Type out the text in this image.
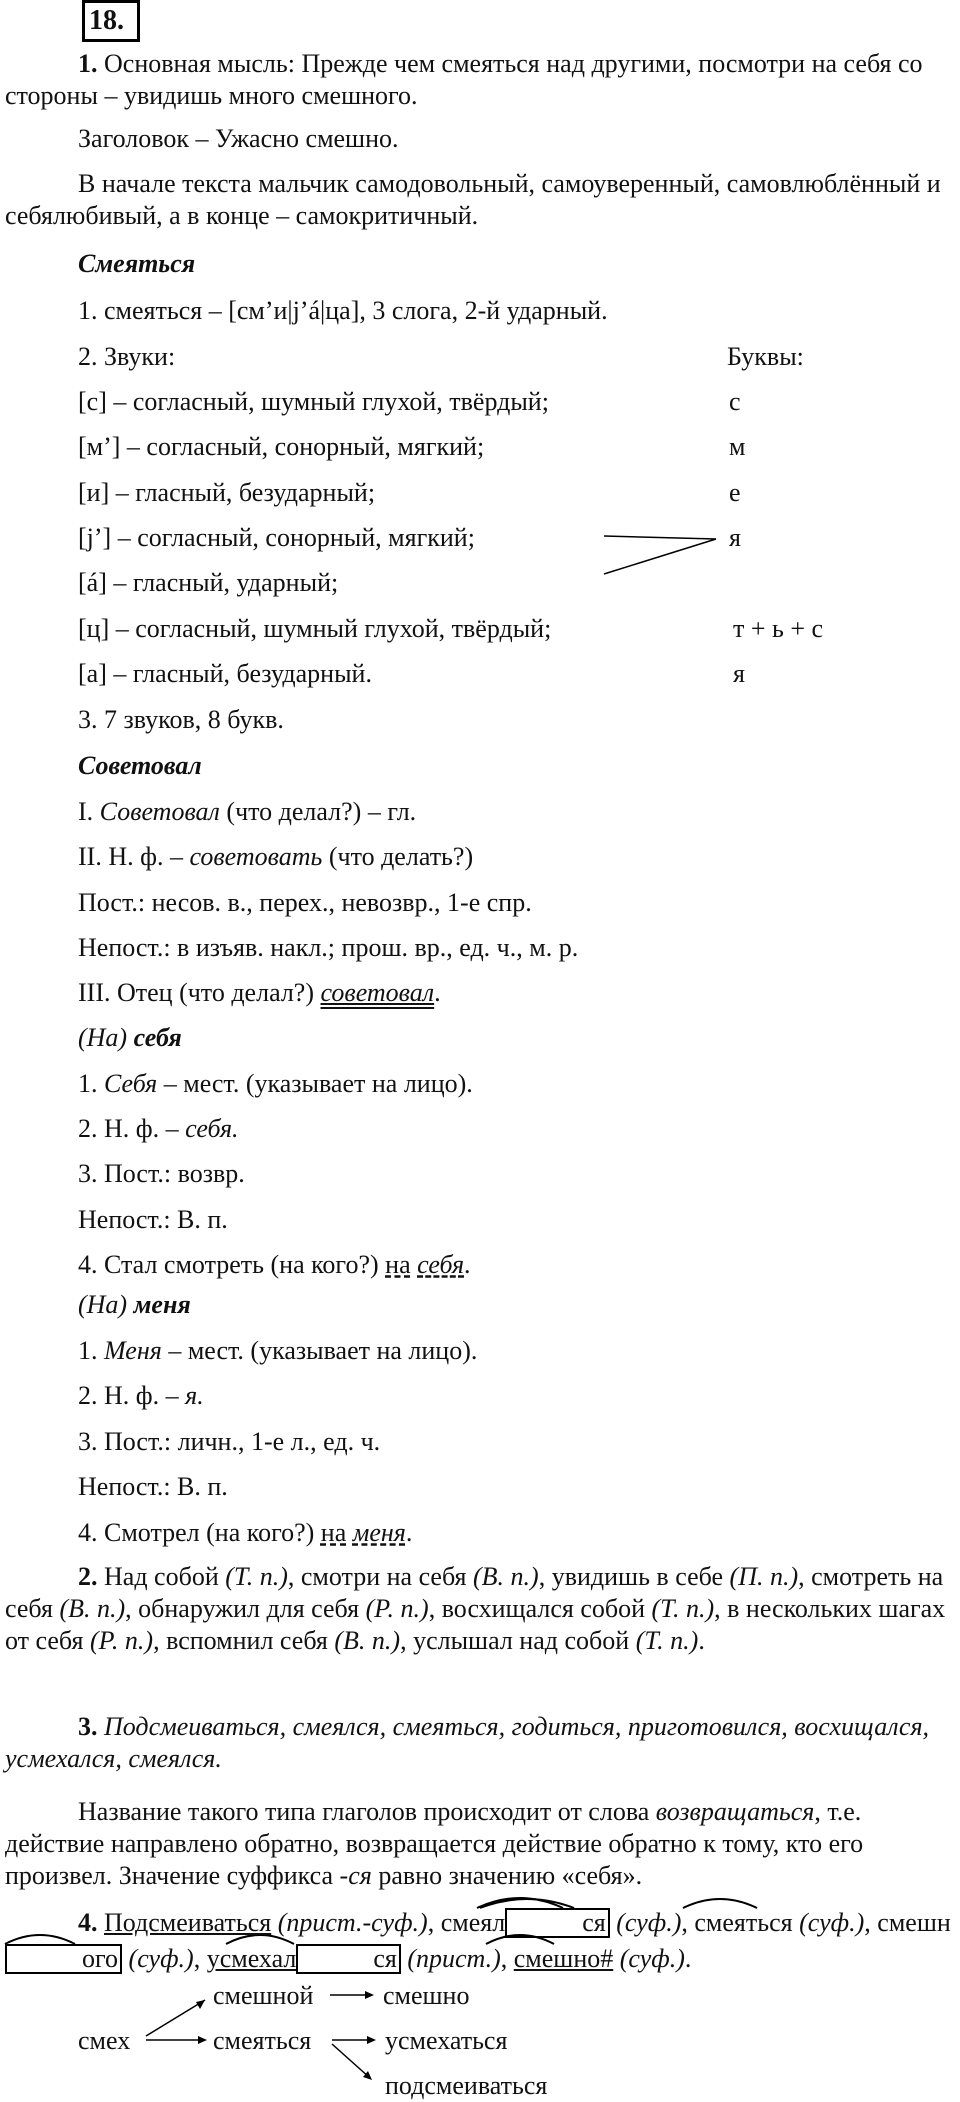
18.
1. Основная мысль: Прежде чем смеяться над другими, посмотри на себя со стороны – увидишь много смешного.
Заголовок – Ужасно смешно.
В начале текста мальчик самодовольный, самоуверенный, самовлюблённый и себялюбивый, а в конце – самокритичный.
Смеяться
1. смеяться – [см’и|j’á|ца], 3 слога, 2-й ударный.
2. Звуки:	Буквы:
[с] – согласный, шумный глухой, твёрдый;	с
[м’] – согласный, сонорный, мягкий;	м
[и] – гласный, безударный;	е
[j’] – согласный, сонорный, мягкий;	я
[á] – гласный, ударный;
[ц] – согласный, шумный глухой, твёрдый;	т + ь + с
[а] – гласный, безударный.	я
3. 7 звуков, 8 букв.
Советовал
I. Советовал (что делал?) – гл.
II. Н. ф. – советовать (что делать?)
Пост.: несов. в., перех., невозвр., 1-е спр.
Непост.: в изъяв. накл.; прош. вр., ед. ч., м. р.
III. Отец (что делал?) советовал.
(На) себя
1. Себя – мест. (указывает на лицо).
2. Н. ф. – себя.
3. Пост.: возвр.
Непост.: В. п.
4. Стал смотреть (на кого?) на себя.
(На) меня
1. Меня – мест. (указывает на лицо).
2. Н. ф. – я.
3. Пост.: личн., 1-е л., ед. ч.
Непост.: В. п.
4. Смотрел (на кого?) на меня.
2. Над собой (Т. п.), смотри на себя (В. п.), увидишь в себе (П. п.), смотреть на себя (В. п.), обнаружил для себя (Р. п.), восхищался собой (Т. п.), в нескольких шагах от себя (Р. п.), вспомнил себя (В. п.), услышал над собой (Т. п.).
3. Подсмеиваться, смеялся, смеяться, годиться, приготовился, восхищался, усмехался, смеялся.
Название такого типа глаголов происходит от слова возвращаться, т.е. действие направлено обратно, возвращается действие обратно к тому, кто его произвел. Значение суффикса -ся равно значению «себя».
4. Подсмеиваться (прист.-суф.), смеял	ся (суф.), смеяться (суф.), смешного (суф.), усмехал	ся (прист.), смешно# (суф.).
смешной	смешно
смех	смеяться	усмехаться
подсмеиваться
